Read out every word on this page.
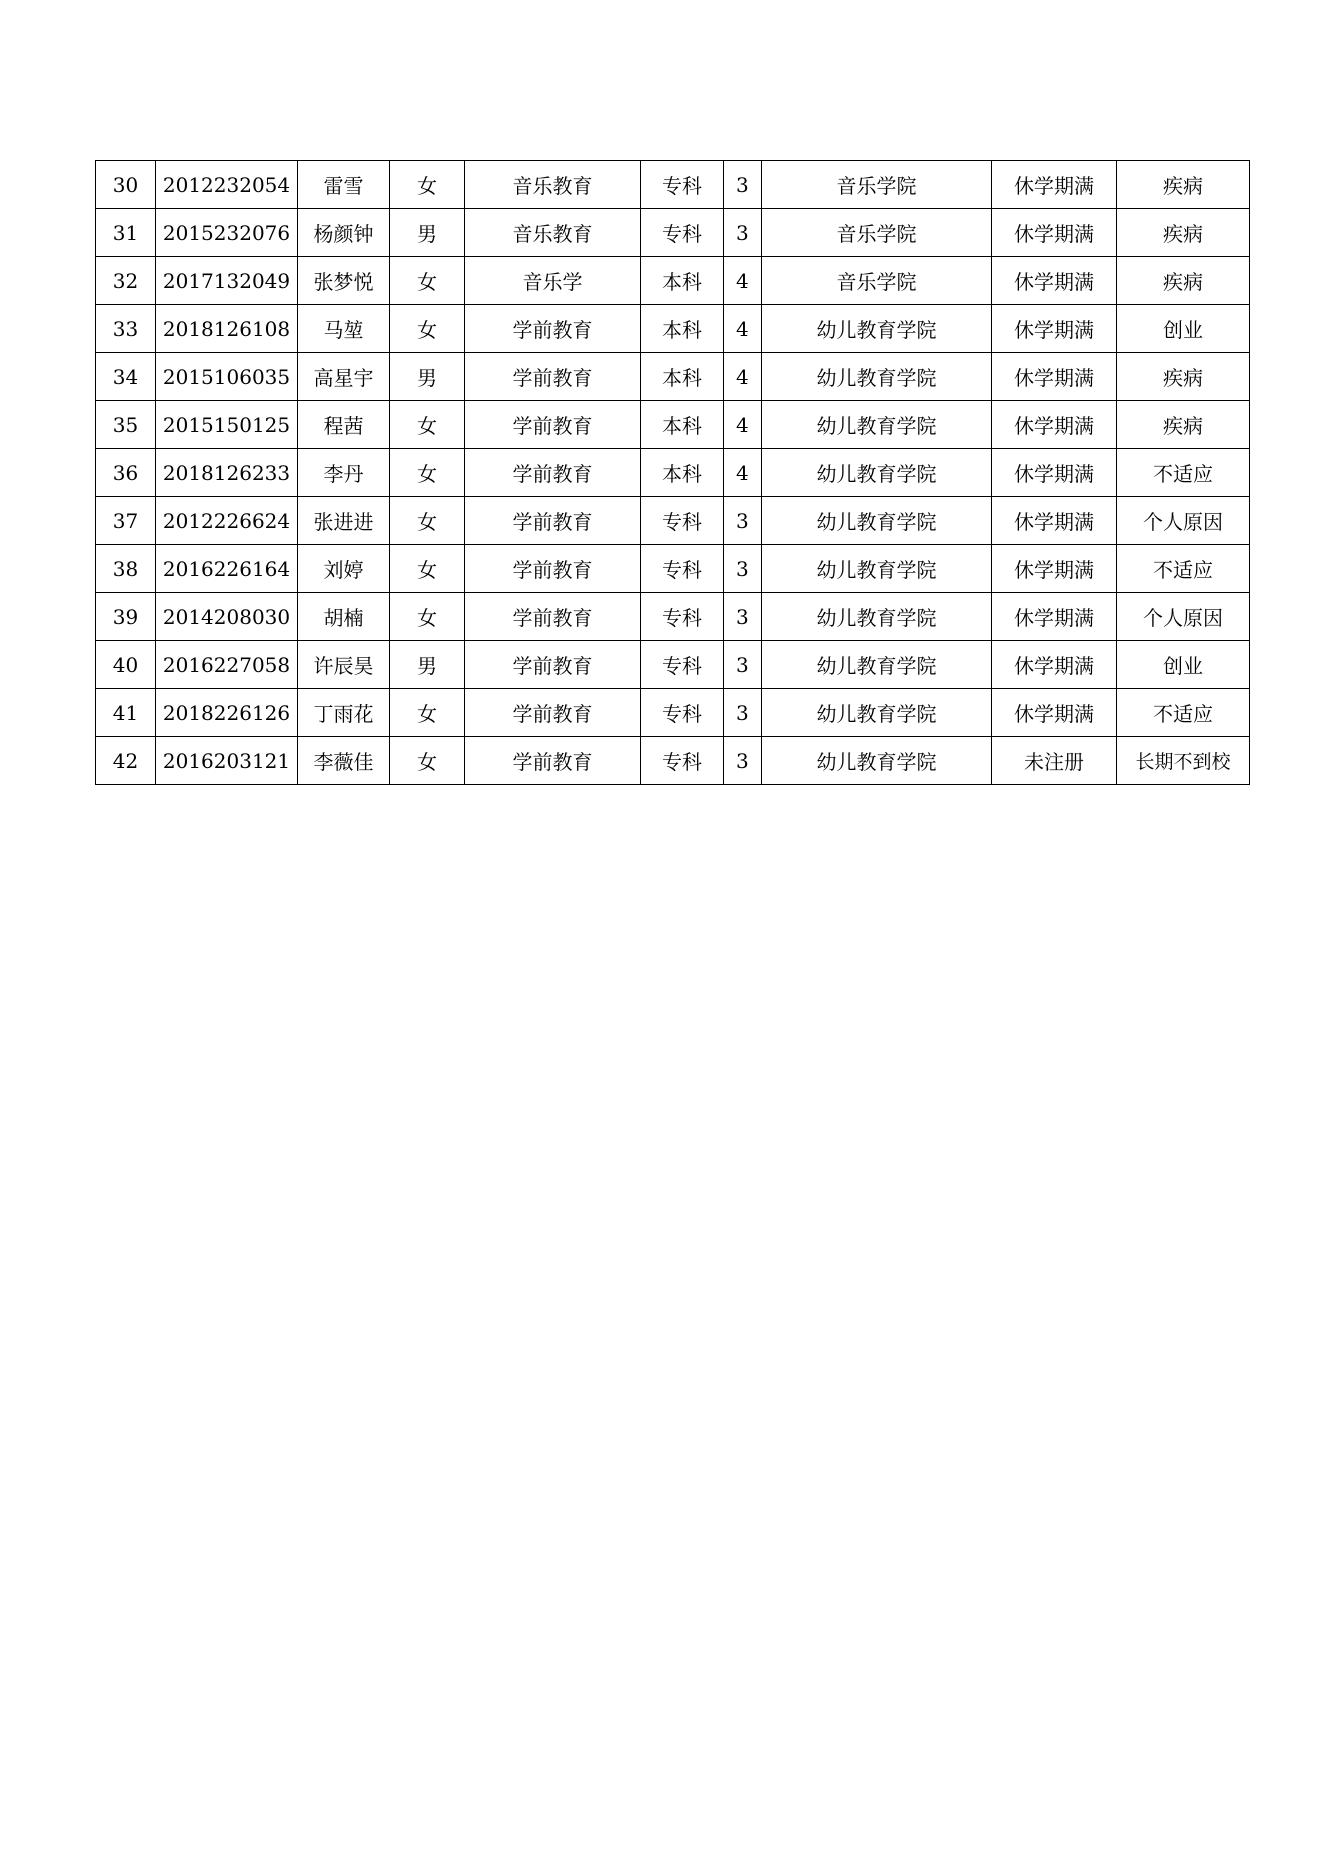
30	2012232054	雷雪	女	音乐教育	专科	3	音乐学院	休学期满	疾病
31	2015232076	杨颜钟	男	音乐教育	专科	3	音乐学院	休学期满	疾病
32	2017132049	张梦悦	女	音乐学	本科	4	音乐学院	休学期满	疾病
33	2018126108	马堃	女	学前教育	本科	4	幼儿教育学院	休学期满	创业
34	2015106035	高星宇	男	学前教育	本科	4	幼儿教育学院	休学期满	疾病
35	2015150125	程茜	女	学前教育	本科	4	幼儿教育学院	休学期满	疾病
36	2018126233	李丹	女	学前教育	本科	4	幼儿教育学院	休学期满	不适应
37	2012226624	张进进	女	学前教育	专科	3	幼儿教育学院	休学期满	个人原因
38	2016226164	刘婷	女	学前教育	专科	3	幼儿教育学院	休学期满	不适应
39	2014208030	胡楠	女	学前教育	专科	3	幼儿教育学院	休学期满	个人原因
40	2016227058	许辰昊	男	学前教育	专科	3	幼儿教育学院	休学期满	创业
41	2018226126	丁雨花	女	学前教育	专科	3	幼儿教育学院	休学期满	不适应
42	2016203121	李薇佳	女	学前教育	专科	3	幼儿教育学院	未注册	长期不到校
